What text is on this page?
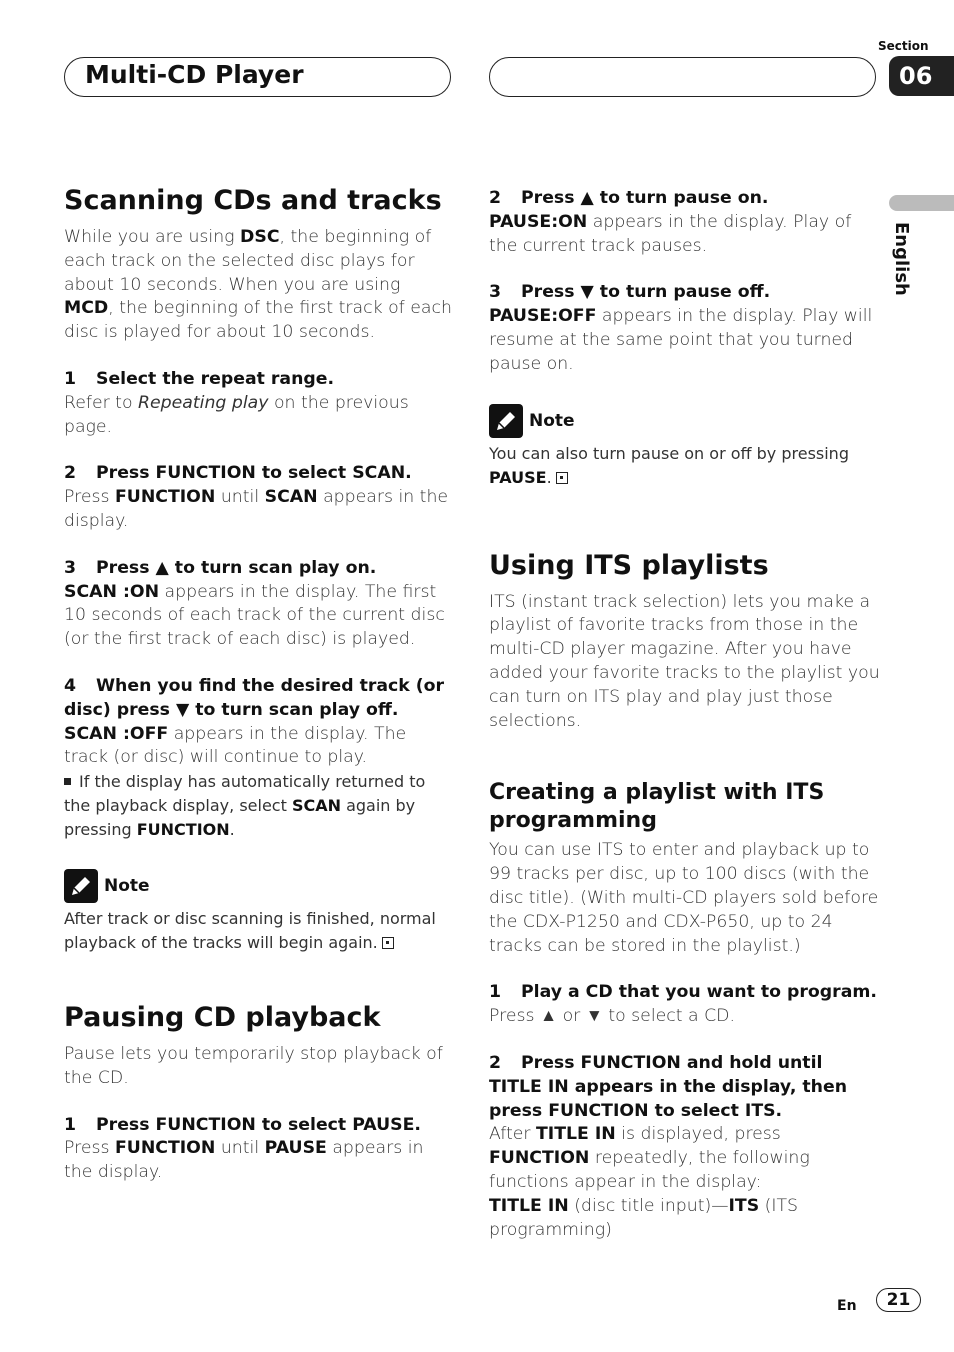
Multi-CD Player
Section
06
English
Scanning CDs and tracks

While you are using DSC, the beginning of each track on the selected disc plays for about 10 seconds. When you are using MCD, the beginning of the first track of each disc is played for about 10 seconds.

1 Select the repeat range.

Refer to Repeating play on the previous page.

2 Press FUNCTION to select SCAN.

Press FUNCTION until SCAN appears in the display.

3 Press ▲ to turn scan play on.

SCAN :ON appears in the display. The first 10 seconds of each track of the current disc (or the first track of each disc) is played.

4 When you find the desired track (or disc) press ▼ to turn scan play off.

SCAN :OFF appears in the display. The track (or disc) will continue to play.

If the display has automatically returned to the playback display, select SCAN again by pressing FUNCTION.

Note

After track or disc scanning is finished, normal playback of the tracks will begin again.

Pausing CD playback

Pause lets you temporarily stop playback of the CD.

1 Press FUNCTION to select PAUSE.

Press FUNCTION until PAUSE appears in the display.

2 Press ▲ to turn pause on.

PAUSE:ON appears in the display. Play of the current track pauses.

3 Press ▼ to turn pause off.

PAUSE:OFF appears in the display. Play will resume at the same point that you turned pause on.

Note

You can also turn pause on or off by pressing PAUSE.

Using ITS playlists

ITS (instant track selection) lets you make a playlist of favorite tracks from those in the multi-CD player magazine. After you have added your favorite tracks to the playlist you can turn on ITS play and play just those selections.

Creating a playlist with ITS programming

You can use ITS to enter and playback up to 99 tracks per disc, up to 100 discs (with the disc title). (With multi-CD players sold before the CDX-P1250 and CDX-P650, up to 24 tracks can be stored in the playlist.)

1 Play a CD that you want to program.

Press ▲ or ▼ to select a CD.

2 Press FUNCTION and hold until TITLE IN appears in the display, then press FUNCTION to select ITS.

After TITLE IN is displayed, press FUNCTION repeatedly, the following functions appear in the display:

TITLE IN (disc title input)—ITS (ITS programming)

En	21
